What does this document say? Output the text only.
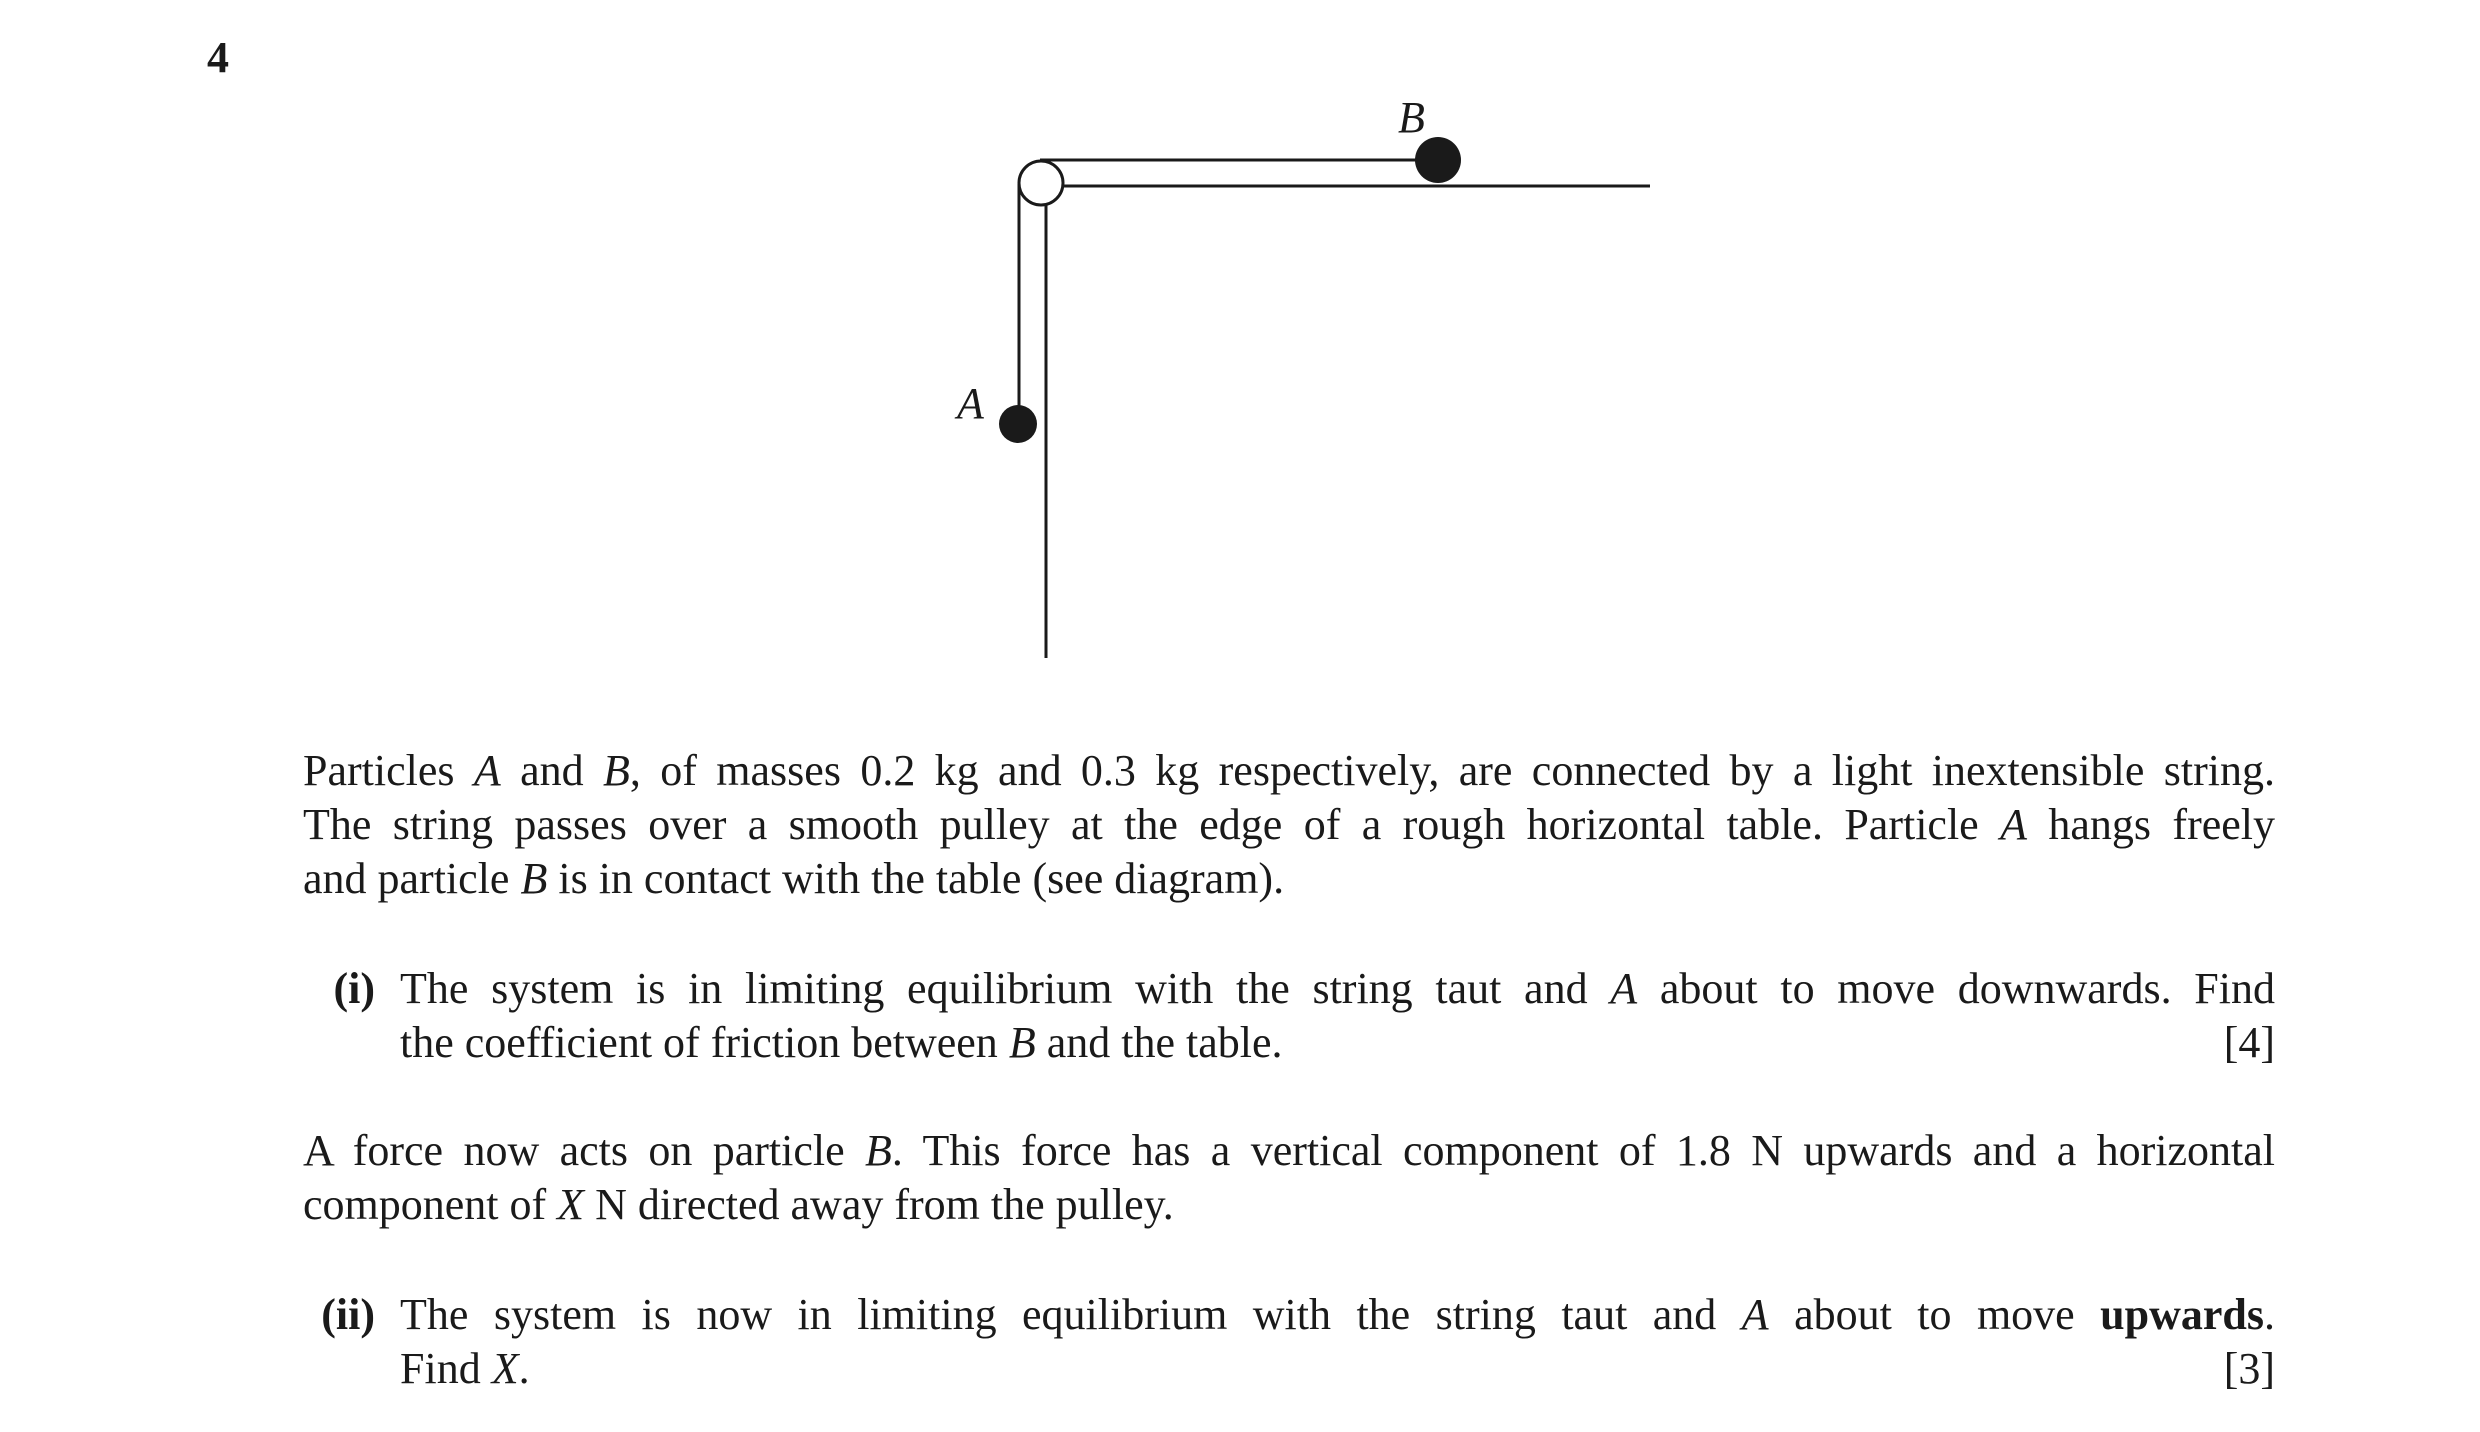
4
B
A
Particles A and B, of masses 0.2 kg and 0.3 kg respectively, are connected by a light inextensible string.
The string passes over a smooth pulley at the edge of a rough horizontal table. Particle A hangs freely
and particle B is in contact with the table (see diagram).
(i) The system is in limiting equilibrium with the string taut and A about to move downwards. Find
the coefficient of friction between B and the table.	[4]
A force now acts on particle B. This force has a vertical component of 1.8 N upwards and a horizontal
component of X N directed away from the pulley.
(ii) The system is now in limiting equilibrium with the string taut and A about to move upwards.
Find X.	[3]
